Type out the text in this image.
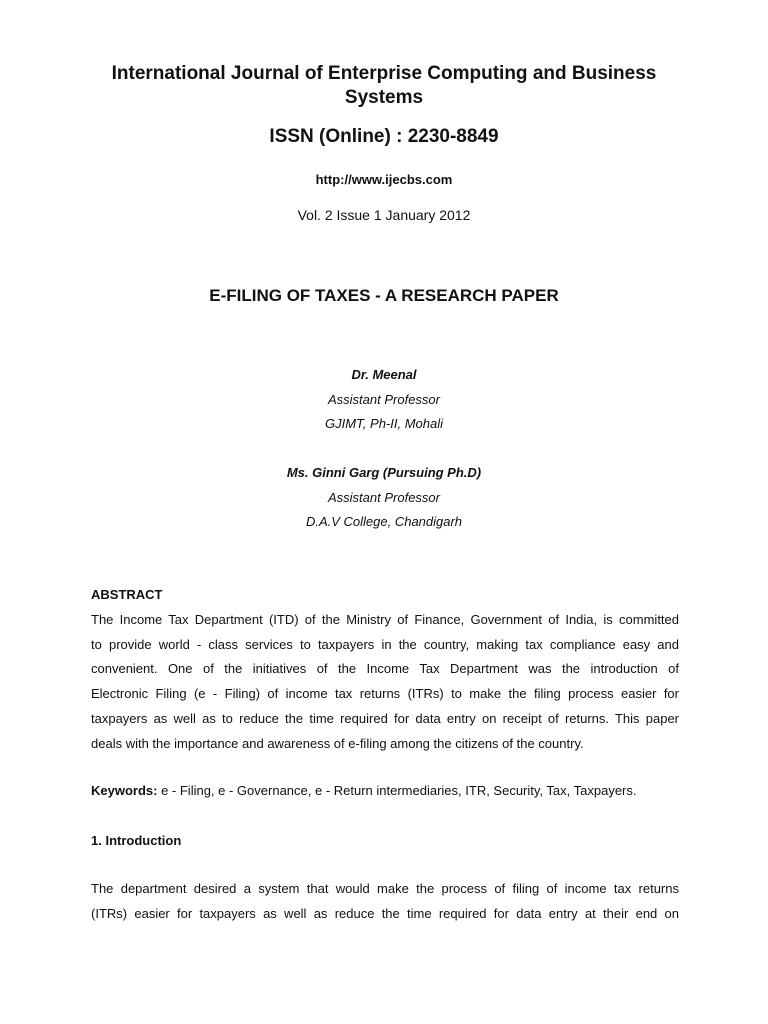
International Journal of Enterprise Computing and Business Systems
ISSN (Online) : 2230-8849
http://www.ijecbs.com
Vol. 2 Issue 1 January 2012
E-FILING OF TAXES - A RESEARCH PAPER
Dr. Meenal
Assistant Professor
GJIMT, Ph-II, Mohali
Ms. Ginni Garg (Pursuing Ph.D)
Assistant Professor
D.A.V College, Chandigarh
ABSTRACT
The Income Tax Department (ITD) of the Ministry of Finance, Government of India, is committed
to provide world - class services to taxpayers in the country, making tax compliance easy and
convenient. One of the initiatives of the Income Tax Department was the introduction of
Electronic Filing (e - Filing) of income tax returns (ITRs) to make the filing process easier for
taxpayers as well as to reduce the time required for data entry on receipt of returns. This paper
deals with the importance and awareness of e-filing among the citizens of the country.
Keywords: e - Filing, e - Governance, e - Return intermediaries, ITR, Security, Tax, Taxpayers.
1. Introduction
The department desired a system that would make the process of filing of income tax returns
(ITRs) easier for taxpayers as well as reduce the time required for data entry at their end on
